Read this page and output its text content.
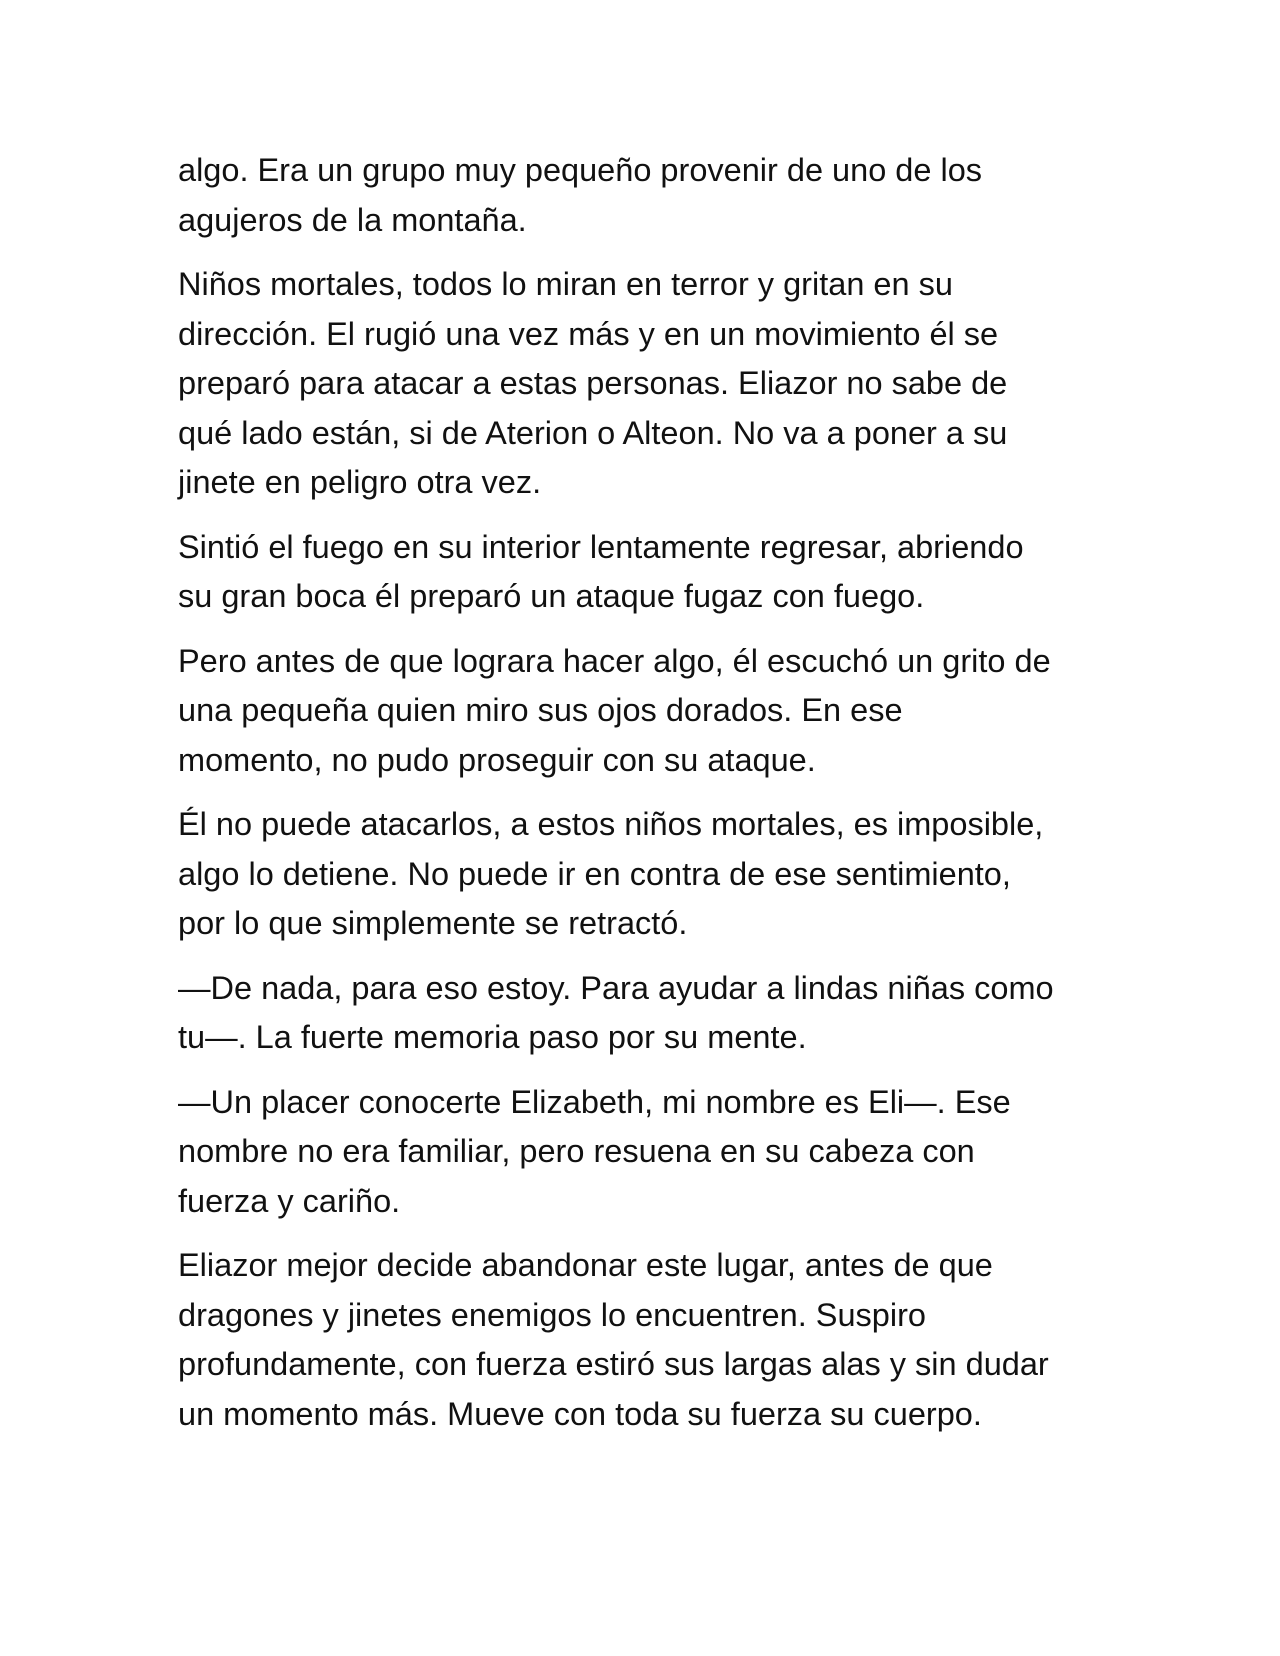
algo. Era un grupo muy pequeño provenir de uno de los
agujeros de la montaña.

Niños mortales, todos lo miran en terror y gritan en su
dirección. El rugió una vez más y en un movimiento él se
preparó para atacar a estas personas. Eliazor no sabe de
qué lado están, si de Aterion o Alteon. No va a poner a su
jinete en peligro otra vez.

Sintió el fuego en su interior lentamente regresar, abriendo
su gran boca él preparó un ataque fugaz con fuego.

Pero antes de que lograra hacer algo, él escuchó un grito de
una pequeña quien miro sus ojos dorados. En ese
momento, no pudo proseguir con su ataque.

Él no puede atacarlos, a estos niños mortales, es imposible,
algo lo detiene. No puede ir en contra de ese sentimiento,
por lo que simplemente se retractó.

—De nada, para eso estoy. Para ayudar a lindas niñas como
tu—. La fuerte memoria paso por su mente.

—Un placer conocerte Elizabeth, mi nombre es Eli—. Ese
nombre no era familiar, pero resuena en su cabeza con
fuerza y cariño.

Eliazor mejor decide abandonar este lugar, antes de que
dragones y jinetes enemigos lo encuentren. Suspiro
profundamente, con fuerza estiró sus largas alas y sin dudar
un momento más. Mueve con toda su fuerza su cuerpo.
